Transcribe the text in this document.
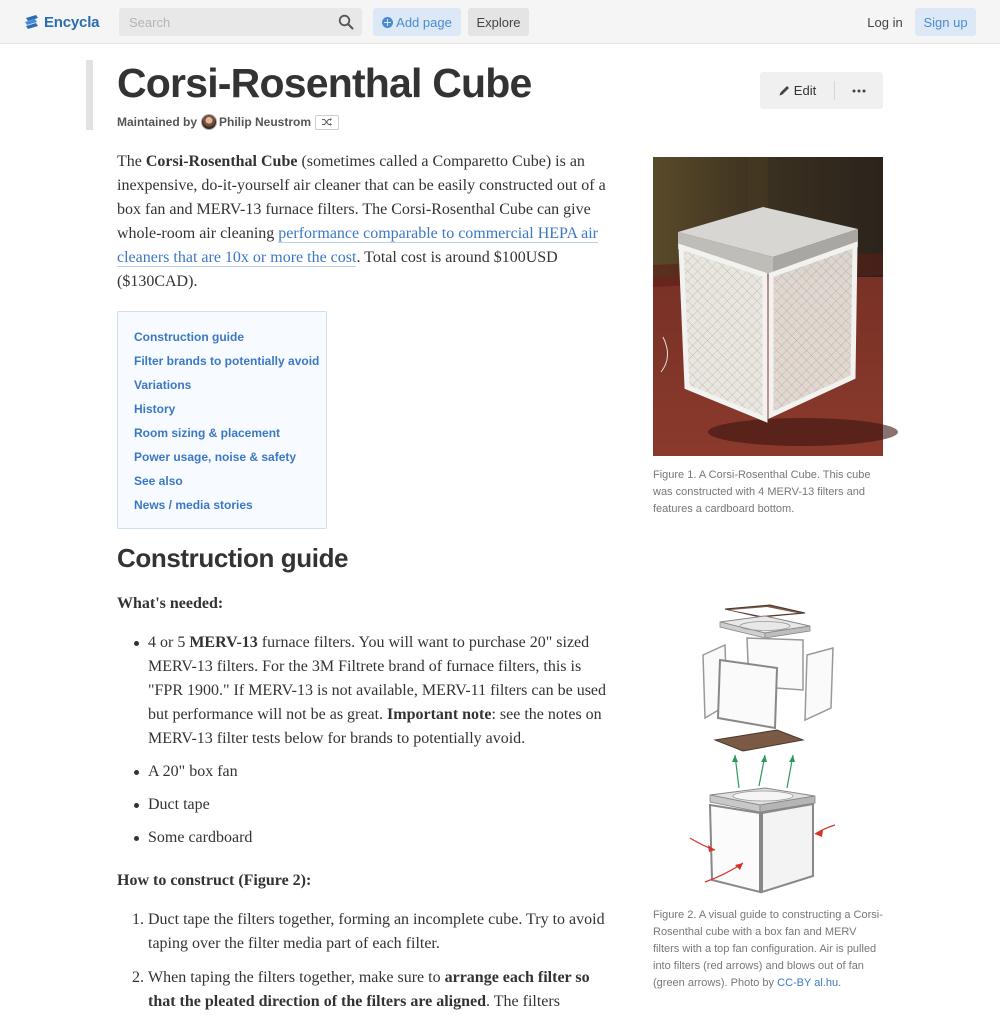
Encycla
Search	Add page	Explore	Log in	Sign up
Corsi-Rosenthal Cube
Maintained by Philip Neustrom
Edit

The Corsi-Rosenthal Cube (sometimes called a Comparetto Cube) is an inexpensive, do-it-yourself air cleaner that can be easily constructed out of a box fan and MERV-13 furnace filters. The Corsi-Rosenthal Cube can give whole-room air cleaning performance comparable to commercial HEPA air cleaners that are 10x or more the cost. Total cost is around $100USD ($130CAD).

Construction guide
Filter brands to potentially avoid
Variations
History
Room sizing & placement
Power usage, noise & safety
See also
News / media stories
Construction guide
What's needed:
4 or 5 MERV-13 furnace filters. You will want to purchase 20" sized MERV-13 filters. For the 3M Filtrete brand of furnace filters, this is "FPR 1900." If MERV-13 is not available, MERV-11 filters can be used but performance will not be as great. Important note: see the notes on MERV-13 filter tests below for brands to potentially avoid.
A 20" box fan
Duct tape
Some cardboard
How to construct (Figure 2):
1. Duct tape the filters together, forming an incomplete cube. Try to avoid taping over the filter media part of each filter.
2. When taping the filters together, make sure to arrange each filter so that the pleated direction of the filters are aligned. The filters
Figure 1. A Corsi-Rosenthal Cube. This cube was constructed with 4 MERV-13 filters and features a cardboard bottom.
Figure 2. A visual guide to constructing a Corsi-Rosenthal cube with a box fan and MERV filters with a top fan configuration. Air is pulled into filters (red arrows) and blows out of fan (green arrows). Photo by CC-BY al.hu.
